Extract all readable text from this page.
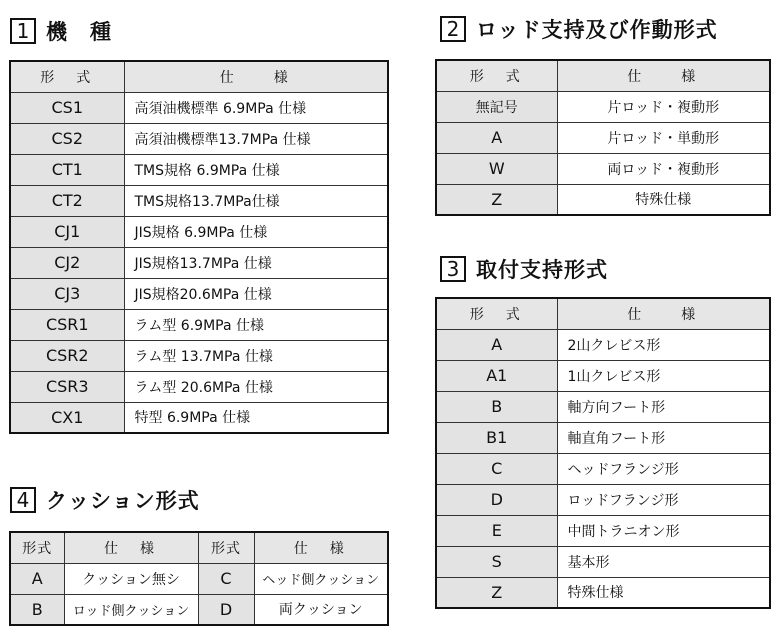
1 機　種
形　式	仕　　様
CS1	高須油機標準 6.9MPa 仕様
CS2	高須油機標準13.7MPa 仕様
CT1	TMS規格 6.9MPa 仕様
CT2	TMS規格13.7MPa仕様
CJ1	JIS規格 6.9MPa 仕様
CJ2	JIS規格13.7MPa 仕様
CJ3	JIS規格20.6MPa 仕様
CSR1	ラム型 6.9MPa 仕様
CSR2	ラム型 13.7MPa 仕様
CSR3	ラム型 20.6MPa 仕様
CX1	特型 6.9MPa 仕様
2 ロッド支持及び作動形式
形　式	仕　　様
無記号	片ロッド・複動形
A	片ロッド・単動形
W	両ロッド・複動形
Z	特殊仕様
3 取付支持形式
形　式	仕　　様
A	2山クレビス形
A1	1山クレビス形
B	軸方向フート形
B1	軸直角フート形
C	ヘッドフランジ形
D	ロッドフランジ形
E	中間トラニオン形
S	基本形
Z	特殊仕様
4 クッション形式
形式	仕　様	形式	仕　様
A	クッション無シ	C	ヘッド側クッション
B	ロッド側クッション	D	両クッション
